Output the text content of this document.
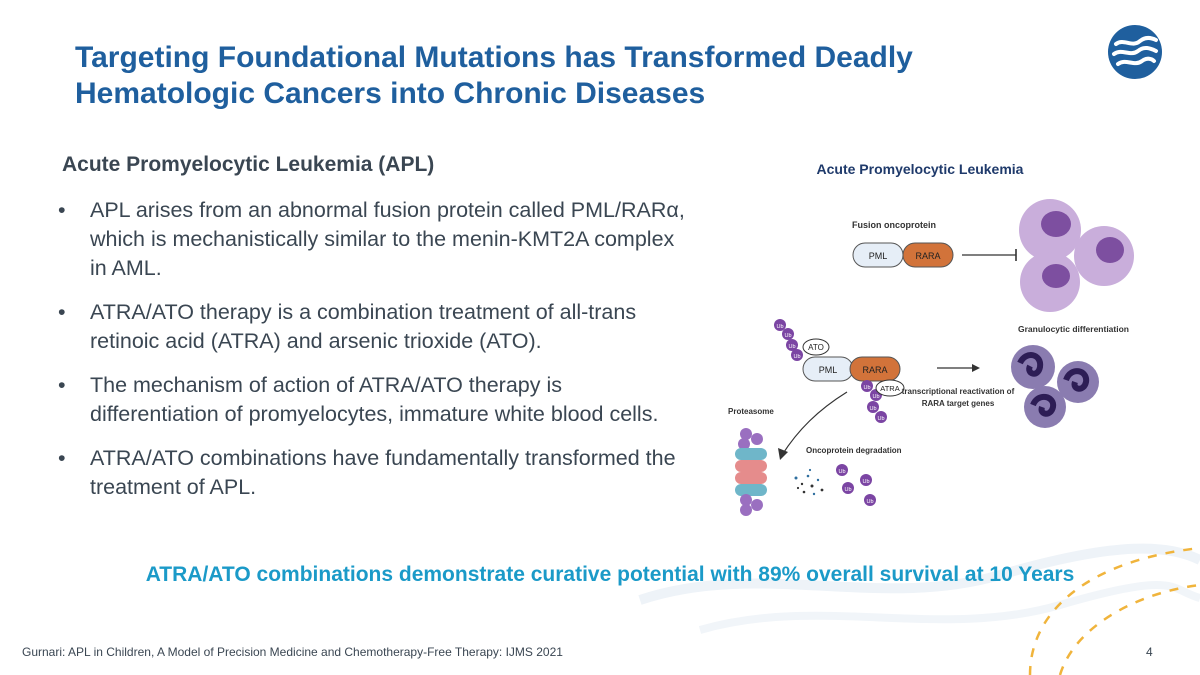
Targeting Foundational Mutations has Transformed Deadly
Hematologic Cancers into Chronic Diseases
Acute Promyelocytic Leukemia (APL)
• APL arises from an abnormal fusion protein called PML/RARα, which is mechanistically similar to the menin-KMT2A complex in AML.
• ATRA/ATO therapy is a combination treatment of all-trans retinoic acid (ATRA) and arsenic trioxide (ATO).
• The mechanism of action of ATRA/ATO therapy is differentiation of promyelocytes, immature white blood cells.
• ATRA/ATO combinations have fundamentally transformed the treatment of APL.
Acute Promyelocytic Leukemia
Fusion oncoprotein
PML	RARA
Granulocytic differentiation
Ub
Ub
Ub
Ub
ATO
PML	RARA
Ub
Ub
Ub
Ub
ATRA transcriptional reactivation of
RARA target genes
Proteasome
Oncoprotein degradation
Ub
Ub
Ub
Ub
ATRA/ATO combinations demonstrate curative potential with 89% overall survival at 10 Years
Gurnari: APL in Children, A Model of Precision Medicine and Chemotherapy-Free Therapy: IJMS 2021	4
